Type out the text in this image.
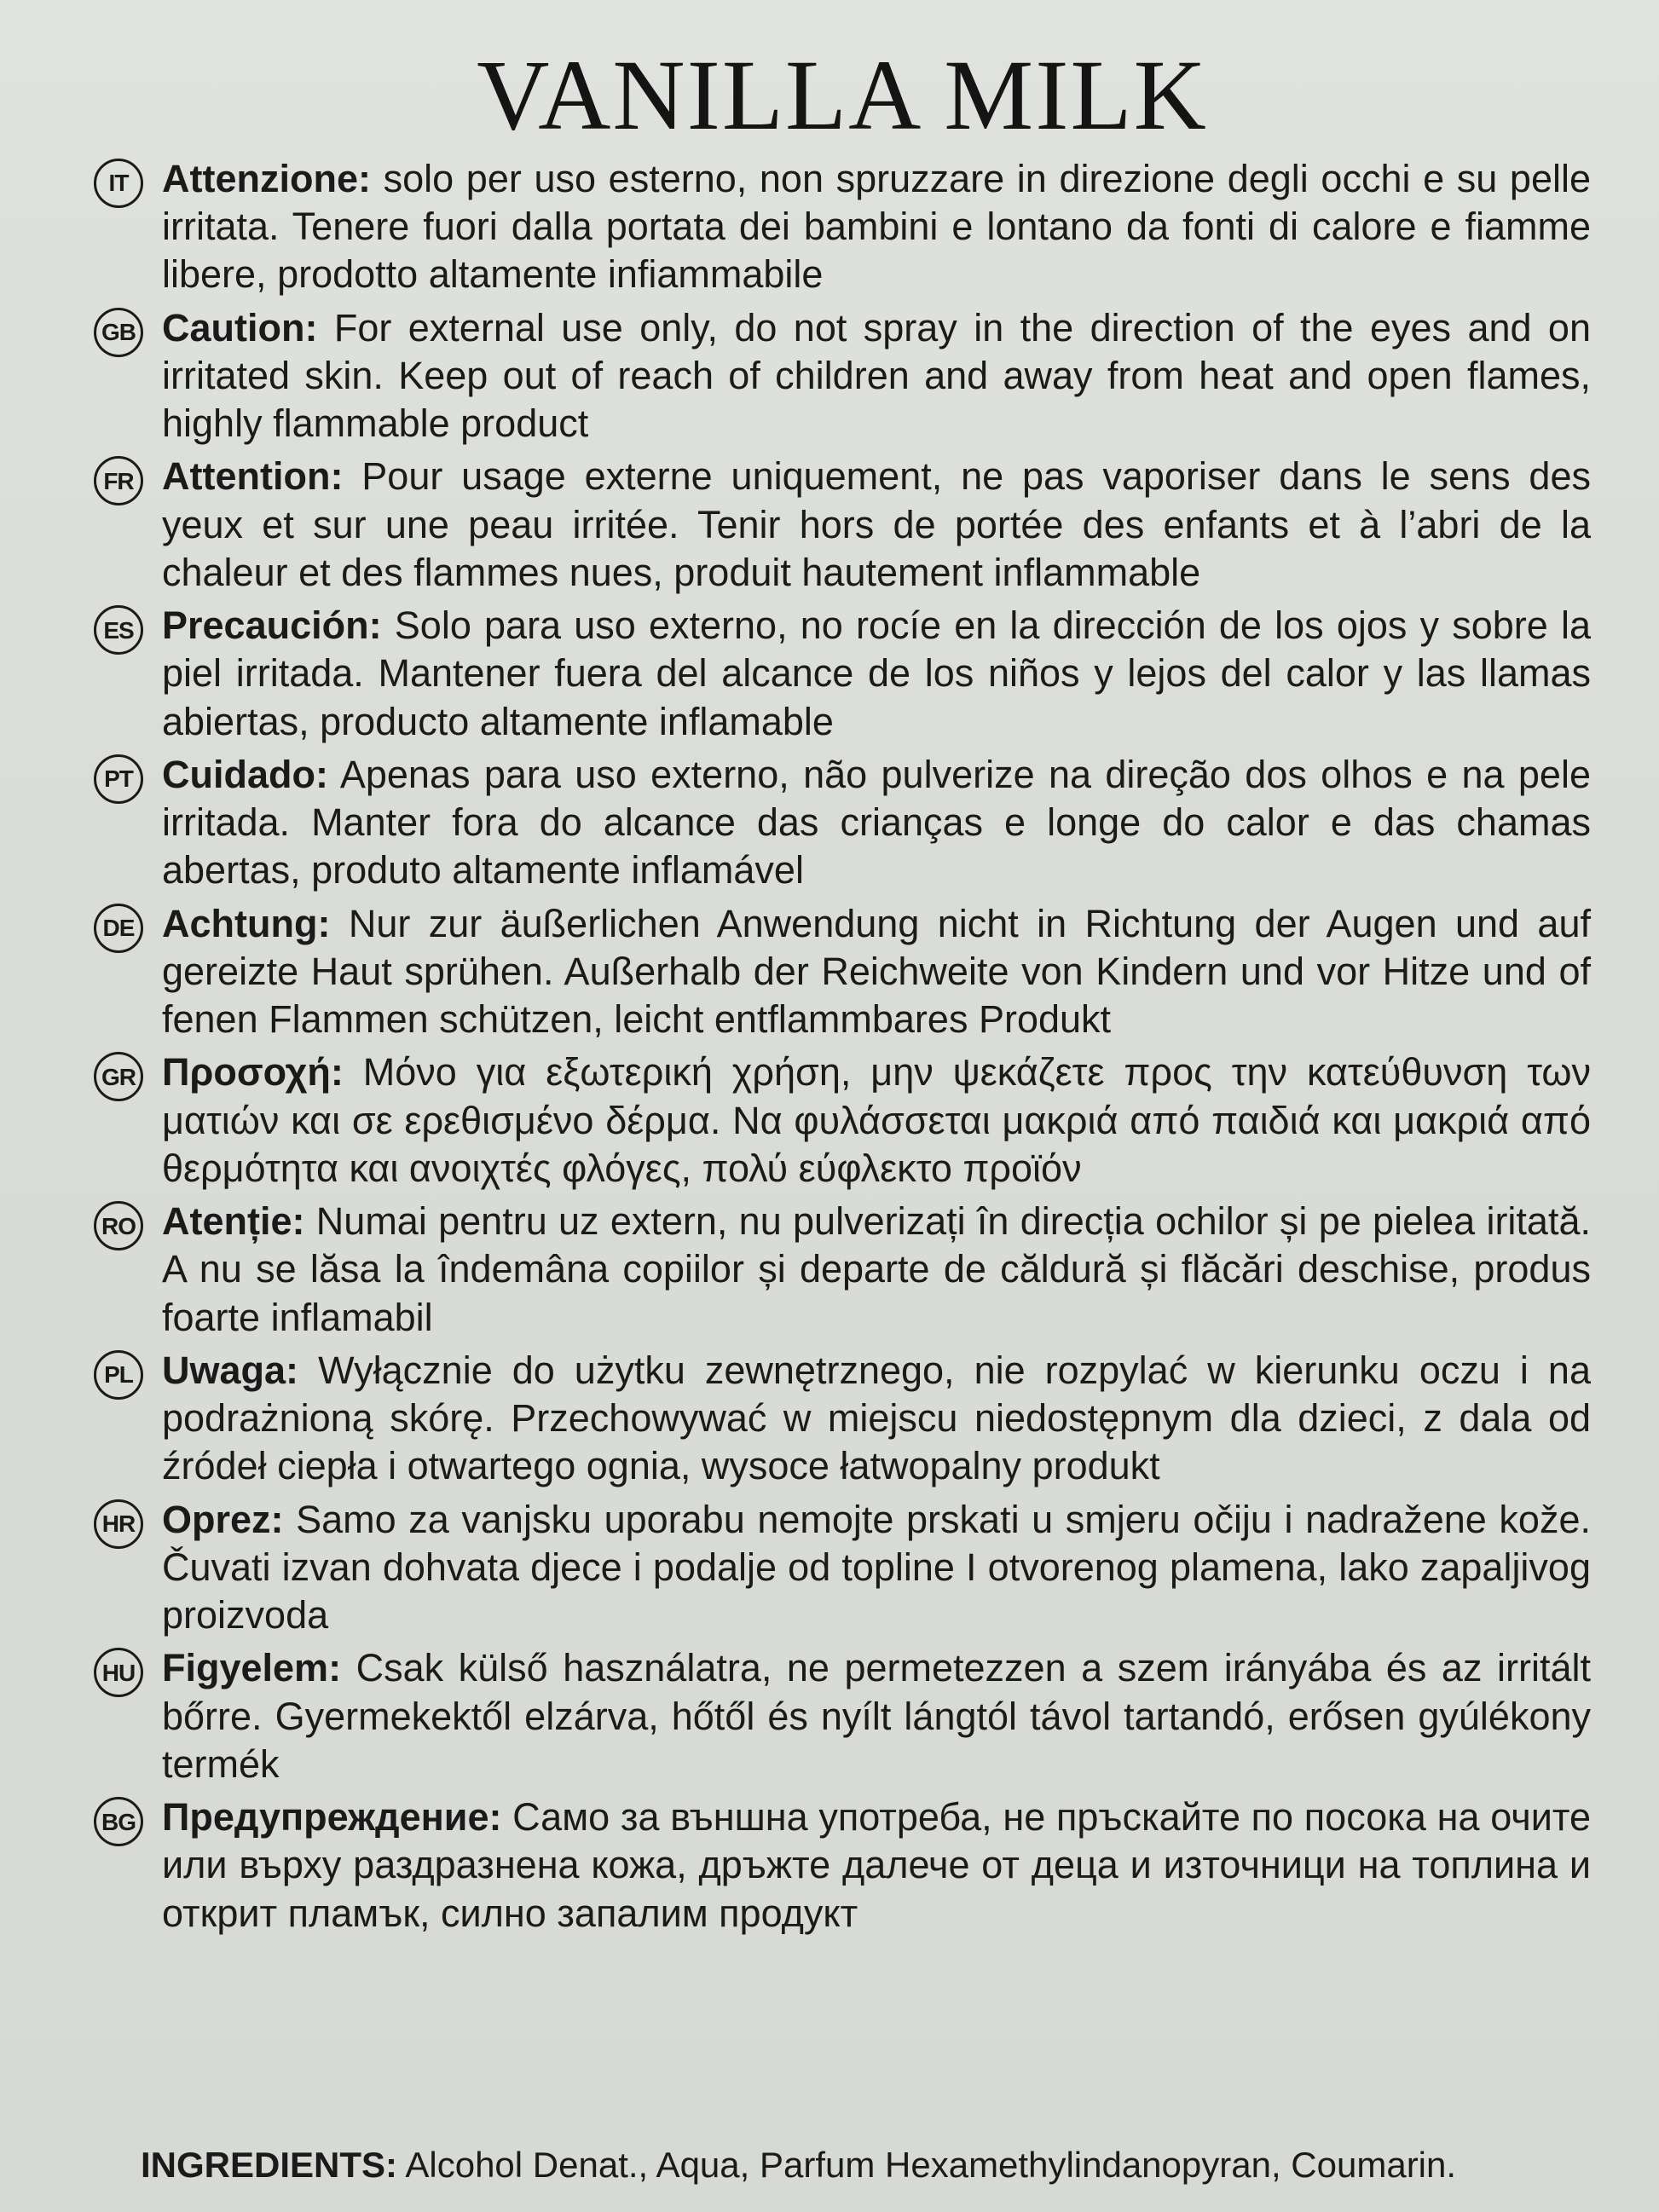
VANILLA MILK
IT Attenzione: solo per uso esterno, non spruzzare in direzione degli occhi e su pelle irritata. Tenere fuori dalla portata dei bambini e lontano da fonti di calore e fiamme libere, prodotto altamente infiammabile
GB Caution: For external use only, do not spray in the direction of the eyes and on irritated skin. Keep out of reach of children and away from heat and open flames, highly flammable product
FR Attention: Pour usage externe uniquement, ne pas vaporiser dans le sens des yeux et sur une peau irritée. Tenir hors de portée des enfants et à l’abri de la chaleur et des flammes nues, produit hautement inflammable
ES Precaución: Solo para uso externo, no rocíe en la dirección de los ojos y sobre la piel irritada. Mantener fuera del alcance de los niños y lejos del calor y las llamas abiertas, producto altamente inflamable
PT Cuidado: Apenas para uso externo, não pulverize na direção dos olhos e na pele irritada. Manter fora do alcance das crianças e longe do calor e das chamas abertas, produto altamente inflamável
DE Achtung: Nur zur äußerlichen Anwendung nicht in Richtung der Augen und auf gereizte Haut sprühen. Außerhalb der Reichweite von Kindern und vor Hitze und of fenen Flammen schützen, leicht entflammbares Produkt
GR Προσοχή: Μόνο για εξωτερική χρήση, μην ψεκάζετε προς την κατεύθυνση των ματιών και σε ερεθισμένο δέρμα. Να φυλάσσεται μακριά από παιδιά και μακριά από θερμότητα και ανοιχτές φλόγες, πολύ εύφλεκτο προϊόν
RO Atenție: Numai pentru uz extern, nu pulverizați în direcția ochilor și pe pielea iritată. A nu se lăsa la îndemâna copiilor și departe de căldură și flăcări deschise, produs foarte inflamabil
PL Uwaga: Wyłącznie do użytku zewnętrznego, nie rozpylać w kierunku oczu i na podrażnioną skórę. Przechowywać w miejscu niedostępnym dla dzieci, z dala od źródeł ciepła i otwartego ognia, wysoce łatwopalny produkt
HR Oprez: Samo za vanjsku uporabu nemojte prskati u smjeru očiju i nadražene kože. Čuvati izvan dohvata djece i podalje od topline I otvorenog plamena, lako zapaljivog proizvoda
HU Figyelem: Csak külső használatra, ne permetezzen a szem irányába és az irritált bőrre. Gyermekektől elzárva, hőtől és nyílt lángtól távol tartandó, erősen gyúlékony termék
BG Предупреждение: Само за външна употреба, не пръскайте по посока на очите или върху раздразнена кожа, дръжте далече от деца и източници на топлина и открит пламък, силно запалим продукт
INGREDIENTS: Alcohol Denat., Aqua, Parfum Hexamethylindanopyran, Coumarin.
